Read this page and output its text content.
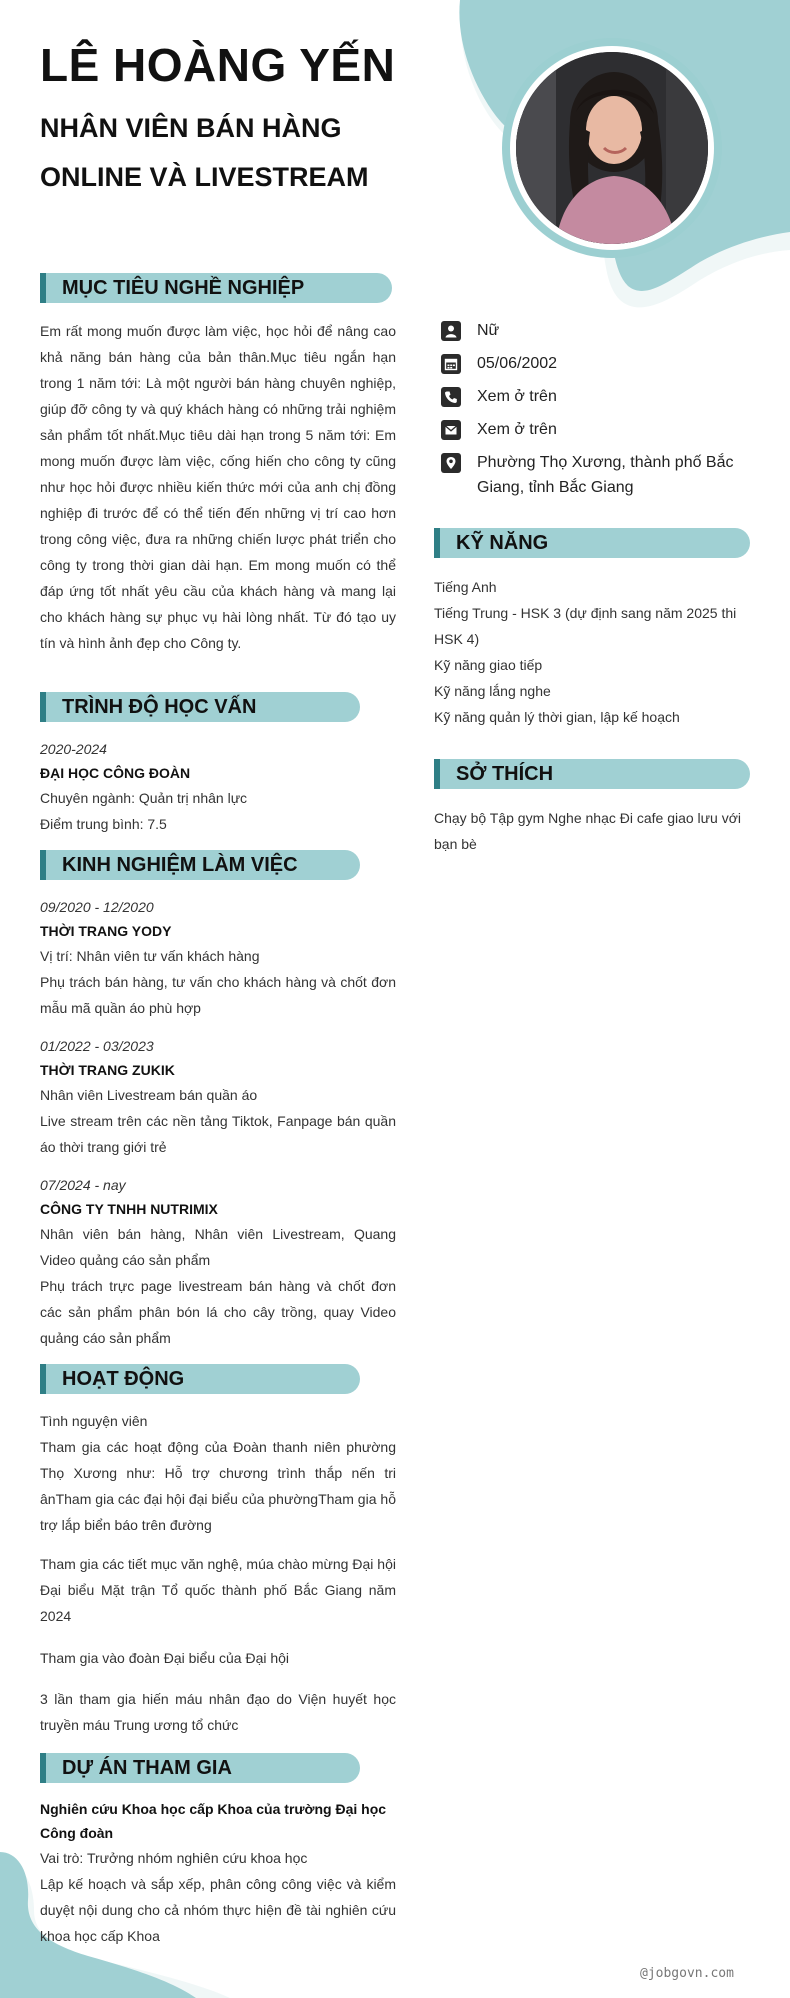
LÊ HOÀNG YẾN
NHÂN VIÊN BÁN HÀNG
ONLINE VÀ LIVESTREAM
MỤC TIÊU NGHỀ NGHIỆP
Em rất mong muốn được làm việc, học hỏi để nâng cao khả năng bán hàng của bản thân.Mục tiêu ngắn hạn trong 1 năm tới: Là một người bán hàng chuyên nghiệp, giúp đỡ công ty và quý khách hàng có những trải nghiệm sản phẩm tốt nhất.Mục tiêu dài hạn trong 5 năm tới: Em mong muốn được làm việc, cống hiến cho công ty cũng như học hỏi được nhiều kiến thức mới của anh chị đồng nghiệp đi trước để có thể tiến đến những vị trí cao hơn trong công việc, đưa ra những chiến lược phát triển cho công ty trong thời gian dài hạn. Em mong muốn có thể đáp ứng tốt nhất yêu cầu của khách hàng và mang lại cho khách hàng sự phục vụ hài lòng nhất. Từ đó tạo uy tín và hình ảnh đẹp cho Công ty.
TRÌNH ĐỘ HỌC VẤN
2020-2024
ĐẠI HỌC CÔNG ĐOÀN
Chuyên ngành: Quản trị nhân lực
Điểm trung bình: 7.5
KINH NGHIỆM LÀM VIỆC
09/2020 - 12/2020
THỜI TRANG YODY
Vị trí: Nhân viên tư vấn khách hàng
Phụ trách bán hàng, tư vấn cho khách hàng và chốt đơn mẫu mã quần áo phù hợp
01/2022 - 03/2023
THỜI TRANG ZUKIK
Nhân viên Livestream bán quần áo
Live stream trên các nền tảng Tiktok, Fanpage bán quần áo thời trang giới trẻ
07/2024 - nay
CÔNG TY TNHH NUTRIMIX
Nhân viên bán hàng, Nhân viên Livestream, Quang Video quảng cáo sản phẩm
Phụ trách trực page livestream bán hàng và chốt đơn các sản phẩm phân bón lá cho cây trồng, quay Video quảng cáo sản phẩm
HOẠT ĐỘNG
Tình nguyện viên
Tham gia các hoạt động của Đoàn thanh niên phường Thọ Xương như: Hỗ trợ chương trình thắp nến tri ânTham gia các đại hội đại biểu của phườngTham gia hỗ trợ lắp biển báo trên đường
Tham gia các tiết mục văn nghệ, múa chào mừng Đại hội Đại biểu Mặt trận Tổ quốc thành phố Bắc Giang năm 2024
Tham gia vào đoàn Đại biểu của Đại hội
3 lần tham gia hiến máu nhân đạo do Viện huyết học truyền máu Trung ương tổ chức
DỰ ÁN THAM GIA
Nghiên cứu Khoa học cấp Khoa của trường Đại học Công đoàn
Vai trò: Trưởng nhóm nghiên cứu khoa học
Lập kế hoạch và sắp xếp, phân công công việc và kiểm duyệt nội dung cho cả nhóm thực hiện đề tài nghiên cứu khoa học cấp Khoa
Nữ
05/06/2002
Xem ở trên
Xem ở trên
Phường Thọ Xương, thành phố Bắc Giang, tỉnh Bắc Giang
KỸ NĂNG
Tiếng Anh
Tiếng Trung - HSK 3 (dự định sang năm 2025 thi HSK 4)
Kỹ năng giao tiếp
Kỹ năng lắng nghe
Kỹ năng quản lý thời gian, lập kế hoạch
SỞ THÍCH
Chạy bộ Tập gym Nghe nhạc Đi cafe giao lưu với bạn bè
@jobgovn.com
